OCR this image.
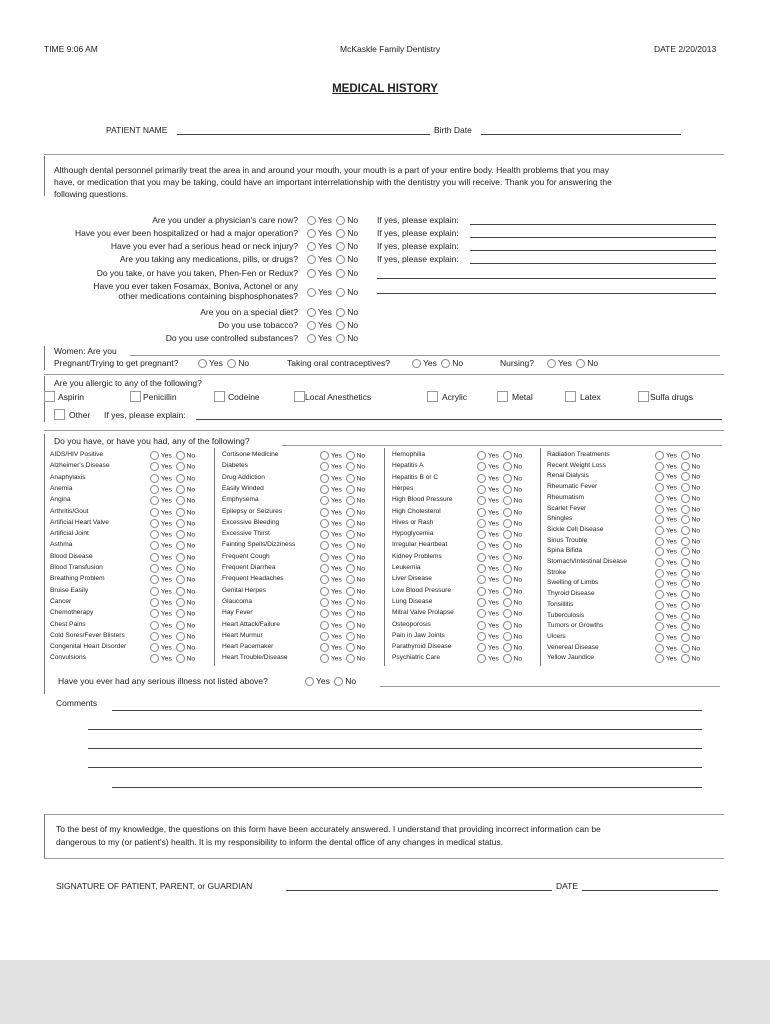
TIME 9:06 AM	McKaskle Family Dentistry	DATE 2/20/2013
MEDICAL HISTORY
PATIENT NAME	Birth Date
Although dental personnel primarily treat the area in and around your mouth, your mouth is a part of your entire body. Health problems that you may
have, or medication that you may be taking, could have an important interrelationship with the dentistry you will receive. Thank you for answering the
following questions.
Are you under a physician's care now?	Yes No If yes, please explain:
Have you ever been hospitalized or had a major operation?	Yes No If yes, please explain:
Have you ever had a serious head or neck injury?	Yes No If yes, please explain:
Are you taking any medications, pills, or drugs?	Yes No If yes, please explain:
Do you take, or have you taken, Phen-Fen or Redux?	Yes No
Have you ever taken Fosamax, Boniva, Actonel or any
other medications containing bisphosphonates?	Yes No
Are you on a special diet?	Yes No
Do you use tobacco?	Yes No
Do you use controlled substances?	Yes No
Women: Are you
Pregnant/Trying to get pregnant?	Yes No	Taking oral contraceptives?	Yes No	Nursing?	Yes No
Are you allergic to any of the following?
Aspirin	Penicillin	Codeine	Local Anesthetics	Acrylic	Metal	Latex	Sulfa drugs
Other If yes, please explain:
Do you have, or have you had, any of the following?
AIDS/HIV Positive	Yes No
Alzheimer's Disease	Yes No
Anaphylaxis	Yes No
Anemia	Yes No
Angina	Yes No
Arthritis/Gout	Yes No
Artificial Heart Valve	Yes No
Artificial Joint	Yes No
Asthma	Yes No
Blood Disease	Yes No
Blood Transfusion	Yes No
Breathing Problem	Yes No
Bruise Easily	Yes No
Cancer	Yes No
Chemotherapy	Yes No
Chest Pains	Yes No
Cold Sores/Fever Blisters	Yes No
Congenital Heart Disorder	Yes No
Convulsions	Yes No
Cortisone Medicine	Yes No
Diabetes	Yes No
Drug Addiction	Yes No
Easily Winded	Yes No
Emphysema	Yes No
Epilepsy or Seizures	Yes No
Excessive Bleeding	Yes No
Excessive Thirst	Yes No
Fainting Spells/Dizziness	Yes No
Frequent Cough	Yes No
Frequent Diarrhea	Yes No
Frequent Headaches	Yes No
Genital Herpes	Yes No
Glaucoma	Yes No
Hay Fever	Yes No
Heart Attack/Failure	Yes No
Heart Murmur	Yes No
Heart Pacemaker	Yes No
Heart Trouble/Disease	Yes No
Hemophilia	Yes No
Hepatitis A	Yes No
Hepatitis B or C	Yes No
Herpes	Yes No
High Blood Pressure	Yes No
High Cholesterol	Yes No
Hives or Rash	Yes No
Hypoglycemia	Yes No
Irregular Heartbeat	Yes No
Kidney Problems	Yes No
Leukemia	Yes No
Liver Disease	Yes No
Low Blood Pressure	Yes No
Lung Disease	Yes No
Mitral Valve Prolapse	Yes No
Osteoporosis	Yes No
Pain in Jaw Joints	Yes No
Parathyroid Disease	Yes No
Psychiatric Care	Yes No
Radiation Treatments	Yes No
Recent Weight Loss	Yes No
Renal Dialysis	Yes No
Rheumatic Fever	Yes No
Rheumatism	Yes No
Scarlet Fever	Yes No
Shingles	Yes No
Sickle Cell Disease	Yes No
Sinus Trouble	Yes No
Spina Bifida	Yes No
Stomach/Intestinal Disease	Yes No
Stroke	Yes No
Swelling of Limbs	Yes No
Thyroid Disease	Yes No
Tonsillitis	Yes No
Tuberculosis	Yes No
Tumors or Growths	Yes No
Ulcers	Yes No
Venereal Disease	Yes No
Yellow Jaundice	Yes No
Have you ever had any serious illness not listed above?	Yes No
Comments
To the best of my knowledge, the questions on this form have been accurately answered. I understand that providing incorrect information can be
dangerous to my (or patient's) health. It is my responsibility to inform the dental office of any changes in medical status.
SIGNATURE OF PATIENT, PARENT, or GUARDIAN	DATE
